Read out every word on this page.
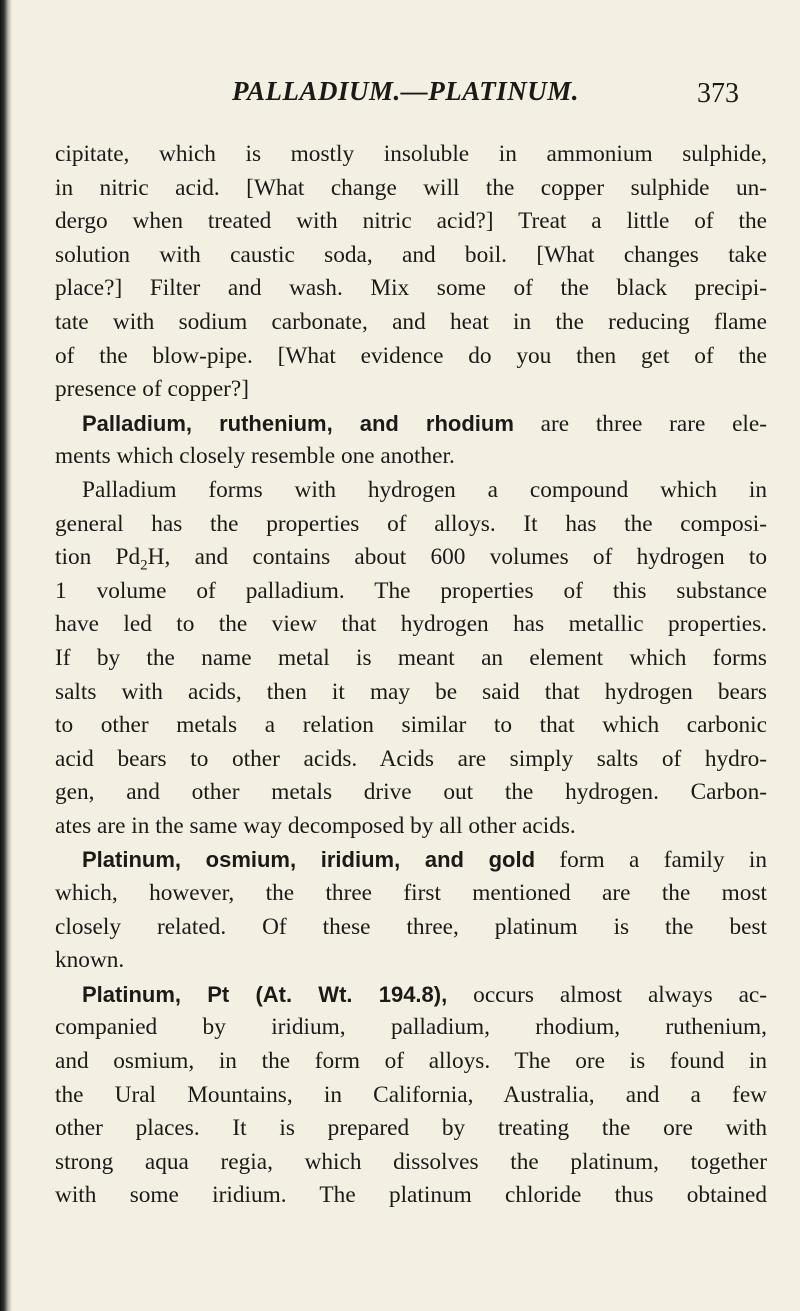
PALLADIUM.—PLATINUM.	373
cipitate, which is mostly insoluble in ammonium sulphide,
in nitric acid. [What change will the copper sulphide un-
dergo when treated with nitric acid?] Treat a little of the
solution with caustic soda, and boil. [What changes take
place?] Filter and wash. Mix some of the black precipi-
tate with sodium carbonate, and heat in the reducing flame
of the blow-pipe. [What evidence do you then get of the
presence of copper?]
Palladium, ruthenium, and rhodium are three rare ele-
ments which closely resemble one another.
Palladium forms with hydrogen a compound which in
general has the properties of alloys. It has the composi-
tion $Pd_2H$, and contains about 600 volumes of hydrogen to
1 volume of palladium. The properties of this substance
have led to the view that hydrogen has metallic properties.
If by the name metal is meant an element which forms
salts with acids, then it may be said that hydrogen bears
to other metals a relation similar to that which carbonic
acid bears to other acids. Acids are simply salts of hydro-
gen, and other metals drive out the hydrogen. Carbon-
ates are in the same way decomposed by all other acids.
Platinum, osmium, iridium, and gold form a family in
which, however, the three first mentioned are the most
closely related. Of these three, platinum is the best
known.
Platinum, Pt (At. Wt. 194.8), occurs almost always ac-
companied by iridium, palladium, rhodium, ruthenium,
and osmium, in the form of alloys. The ore is found in
the Ural Mountains, in California, Australia, and a few
other places. It is prepared by treating the ore with
strong aqua regia, which dissolves the platinum, together
with some iridium. The platinum chloride thus obtained
